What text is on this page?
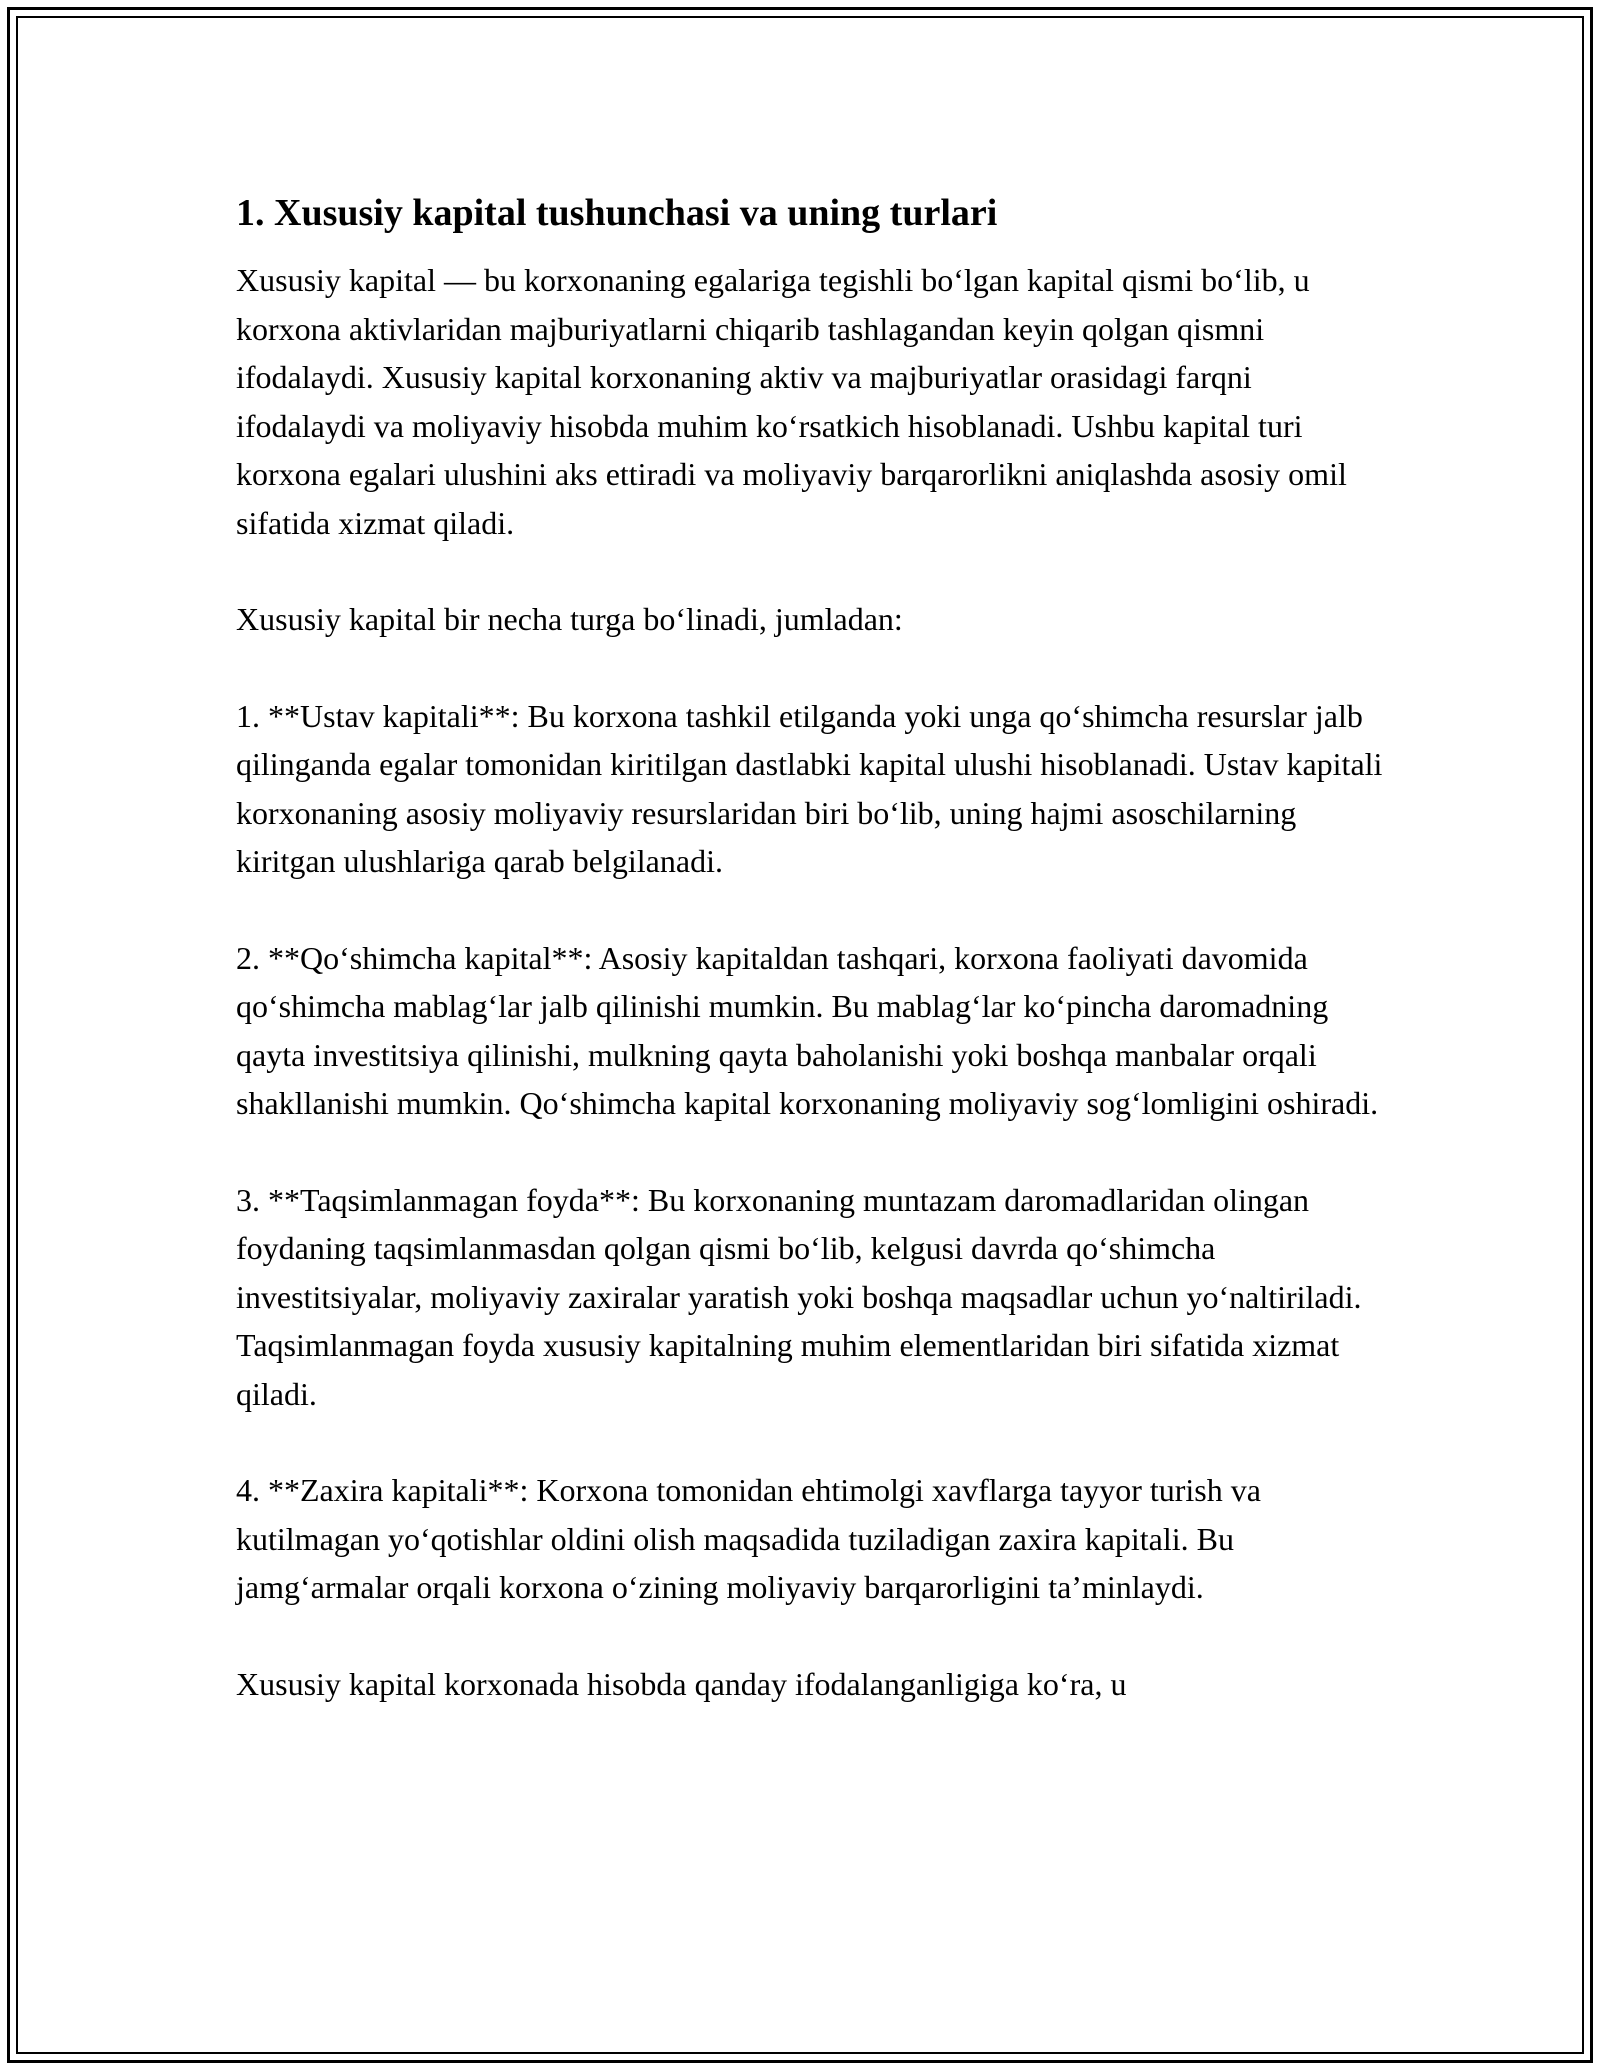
1. Xususiy kapital tushunchasi va uning turlari

Xususiy kapital — bu korxonaning egalariga tegishli bo‘lgan kapital qismi bo‘lib, u korxona aktivlaridan majburiyatlarni chiqarib tashlagandan keyin qolgan qismni ifodalaydi. Xususiy kapital korxonaning aktiv va majburiyatlar orasidagi farqni ifodalaydi va moliyaviy hisobda muhim ko‘rsatkich hisoblanadi. Ushbu kapital turi korxona egalari ulushini aks ettiradi va moliyaviy barqarorlikni aniqlashda asosiy omil sifatida xizmat qiladi.

Xususiy kapital bir necha turga bo‘linadi, jumladan:

1. **Ustav kapitali**: Bu korxona tashkil etilganda yoki unga qo‘shimcha resurslar jalb qilinganda egalar tomonidan kiritilgan dastlabki kapital ulushi hisoblanadi. Ustav kapitali korxonaning asosiy moliyaviy resurslaridan biri bo‘lib, uning hajmi asoschilarning kiritgan ulushlariga qarab belgilanadi.

2. **Qo‘shimcha kapital**: Asosiy kapitaldan tashqari, korxona faoliyati davomida qo‘shimcha mablag‘lar jalb qilinishi mumkin. Bu mablag‘lar ko‘pincha daromadning qayta investitsiya qilinishi, mulkning qayta baholanishi yoki boshqa manbalar orqali shakllanishi mumkin. Qo‘shimcha kapital korxonaning moliyaviy sog‘lomligini oshiradi.

3. **Taqsimlanmagan foyda**: Bu korxonaning muntazam daromadlaridan olingan foydaning taqsimlanmasdan qolgan qismi bo‘lib, kelgusi davrda qo‘shimcha investitsiyalar, moliyaviy zaxiralar yaratish yoki boshqa maqsadlar uchun yo‘naltiriladi. Taqsimlanmagan foyda xususiy kapitalning muhim elementlaridan biri sifatida xizmat qiladi.

4. **Zaxira kapitali**: Korxona tomonidan ehtimolgi xavflarga tayyor turish va kutilmagan yo‘qotishlar oldini olish maqsadida tuziladigan zaxira kapitali. Bu jamg‘armalar orqali korxona o‘zining moliyaviy barqarorligini ta’minlaydi.

Xususiy kapital korxonada hisobda qanday ifodalanganligiga ko‘ra, u
